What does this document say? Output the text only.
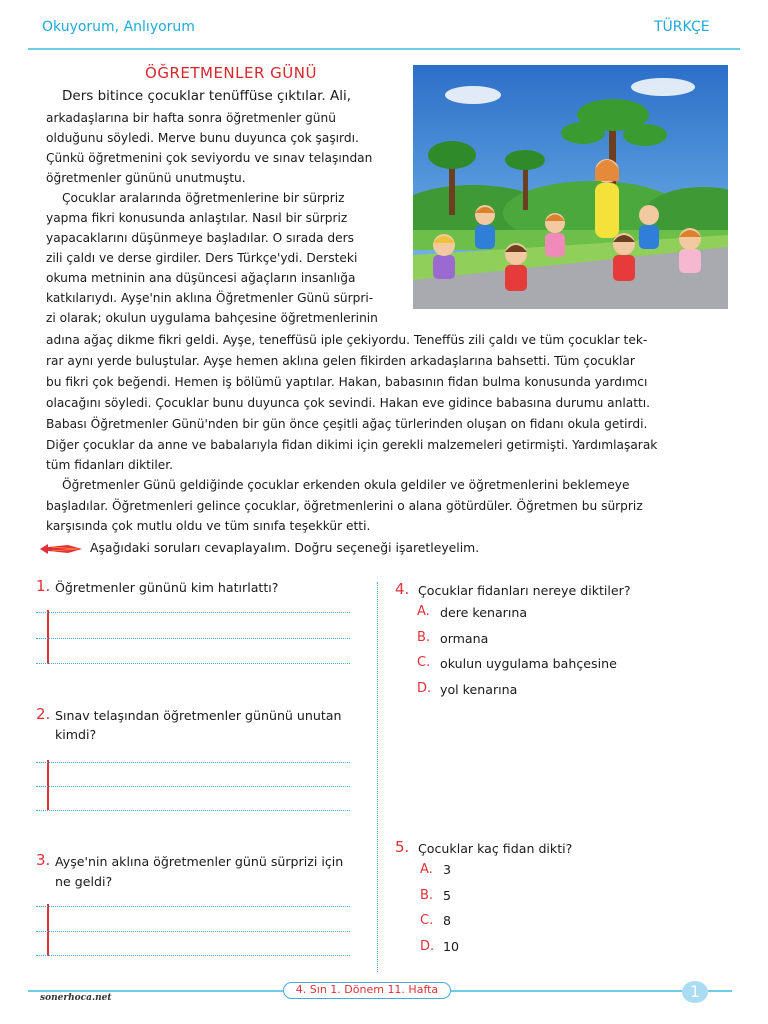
Okuyorum, Anlıyorum	TÜRKÇE
ÖĞRETMENLER GÜNÜ
Ders bitince çocuklar tenüffüse çıktılar. Ali,
arkadaşlarına bir hafta sonra öğretmenler günü
olduğunu söyledi. Merve bunu duyunca çok şaşırdı.
Çünkü öğretmenini çok seviyordu ve sınav telaşından
öğretmenler gününü unutmuştu.
Çocuklar aralarında öğretmenlerine bir sürpriz
yapma fikri konusunda anlaştılar. Nasıl bir sürpriz
yapacaklarını düşünmeye başladılar. O sırada ders
zili çaldı ve derse girdiler. Ders Türkçe'ydi. Dersteki
okuma metninin ana düşüncesi ağaçların insanlığa
katkılarıydı. Ayşe'nin aklına Öğretmenler Günü sürpri-
zi olarak; okulun uygulama bahçesine öğretmenlerinin
adına ağaç dikme fikri geldi. Ayşe, teneffüsü iple çekiyordu. Teneffüs zili çaldı ve tüm çocuklar tek-
rar aynı yerde buluştular. Ayşe hemen aklına gelen fikirden arkadaşlarına bahsetti. Tüm çocuklar
bu fikri çok beğendi. Hemen iş bölümü yaptılar. Hakan, babasının fidan bulma konusunda yardımcı
olacağını söyledi. Çocuklar bunu duyunca çok sevindi. Hakan eve gidince babasına durumu anlattı.
Babası Öğretmenler Günü'nden bir gün önce çeşitli ağaç türlerinden oluşan on fidanı okula getirdi.
Diğer çocuklar da anne ve babalarıyla fidan dikimi için gerekli malzemeleri getirmişti. Yardımlaşarak
tüm fidanları diktiler.
Öğretmenler Günü geldiğinde çocuklar erkenden okula geldiler ve öğretmenlerini beklemeye
başladılar. Öğretmenleri gelince çocuklar, öğretmenlerini o alana götürdüler. Öğretmen bu sürpriz
karşısında çok mutlu oldu ve tüm sınıfa teşekkür etti.
Aşağıdaki soruları cevaplayalım. Doğru seçeneği işaretleyelim.
1. Öğretmenler gününü kim hatırlattı?
2. Sınav telaşından öğretmenler gününü unutan
kimdi?
3. Ayşe'nin aklına öğretmenler günü sürprizi için
ne geldi?
4. Çocuklar fidanları nereye diktiler?
A. dere kenarına
B. ormana
C. okulun uygulama bahçesine
D. yol kenarına
5. Çocuklar kaç fidan dikti?
A. 3
B. 5
C. 8
D. 10
sonerhoca.net
4. Sın 1. Dönem 11. Hafta	1
